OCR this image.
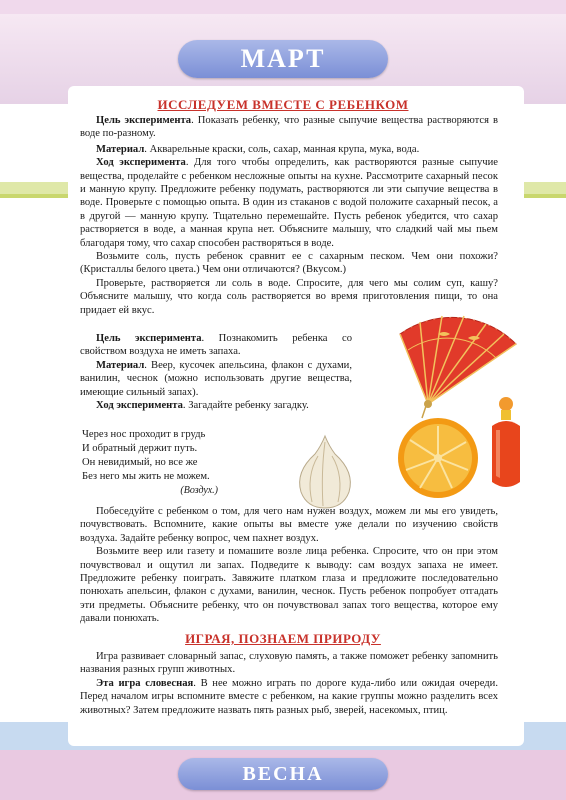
МАРТ
ИССЛЕДУЕМ ВМЕСТЕ С РЕБЕНКОМ

Цель эксперимента. Показать ребенку, что разные сыпучие вещества растворяются в воде по-разному.

Материал. Акварельные краски, соль, сахар, манная крупа, мука, вода.

Ход эксперимента. Для того чтобы определить, как растворяются разные сыпучие вещества, проделайте с ребенком несложные опыты на кухне. Рассмотрите сахарный песок и манную крупу. Предложите ребенку подумать, растворяются ли эти сыпучие вещества в воде. Проверьте с помощью опыта. В один из стаканов с водой положите сахарный песок, а в другой — манную крупу. Тщательно перемешайте. Пусть ребенок убедится, что сахар растворяется в воде, а манная крупа нет. Объясните малышу, что сладкий чай мы пьем благодаря тому, что сахар способен растворяться в воде.

Возьмите соль, пусть ребенок сравнит ее с сахарным песком. Чем они похожи? (Кристаллы белого цвета.) Чем они отличаются? (Вкусом.)

Проверьте, растворяется ли соль в воде. Спросите, для чего мы солим суп, кашу? Объясните малышу, что когда соль растворяется во время приготовления пищи, то она придает ей вкус.

Цель эксперимента. Познакомить ребенка со свойством воздуха не иметь запаха.

Материал. Веер, кусочек апельсина, флакон с духами, ванилин, чеснок (можно использовать другие вещества, имеющие сильный запах).

Ход эксперимента. Загадайте ребенку загадку.

Через нос проходит в грудь

И обратный держит путь.

Он невидимый, но все же

Без него мы жить не можем.

(Воздух.)

Побеседуйте с ребенком о том, для чего нам нужен воздух, можем ли мы его увидеть, почувствовать. Вспомните, какие опыты вы вместе уже делали по изучению свойств воздуха. Задайте ребенку вопрос, чем пахнет воздух.

Возьмите веер или газету и помашите возле лица ребенка. Спросите, что он при этом почувствовал и ощутил ли запах. Подведите к выводу: сам воздух запаха не имеет. Предложите ребенку поиграть. Завяжите платком глаза и предложите последовательно понюхать апельсин, флакон с духами, ванилин, чеснок. Пусть ребенок попробует отгадать эти предметы. Объясните ребенку, что он почувствовал запах того вещества, которое ему давали понюхать.

ИГРАЯ, ПОЗНАЕМ ПРИРОДУ

Игра развивает словарный запас, слуховую память, а также поможет ребенку запомнить названия разных групп животных.

Эта игра словесная. В нее можно играть по дороге куда-либо или ожидая очереди. Перед началом игры вспомните вместе с ребенком, на какие группы можно разделить всех животных? Затем предложите назвать пять разных рыб, зверей, насекомых, птиц.

ВЕСНА
